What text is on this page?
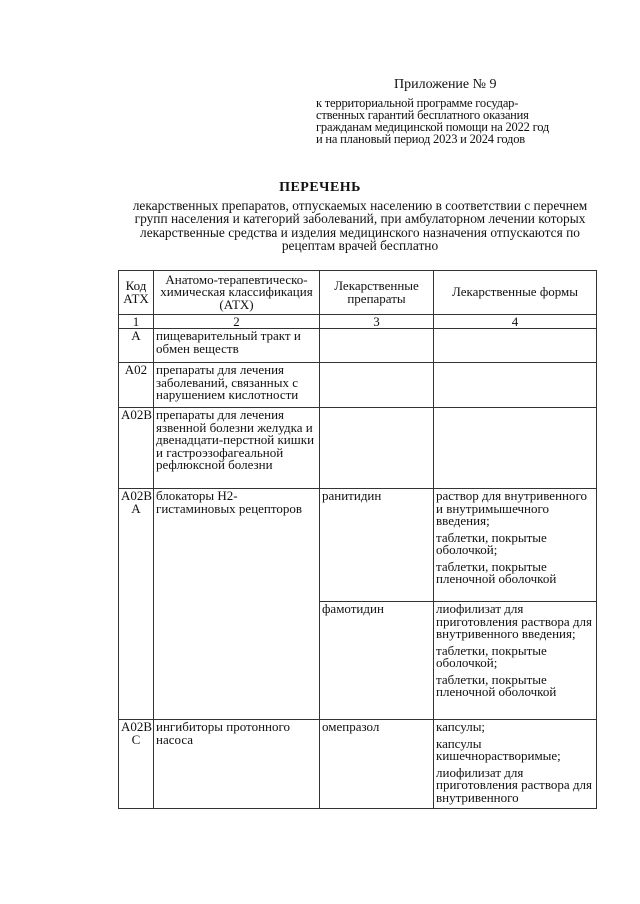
Приложение № 9
к территориальной программе государ-
ственных гарантий бесплатного оказания
гражданам медицинской помощи на 2022 год
и на плановый период 2023 и 2024 годов
ПЕРЕЧЕНЬ
лекарственных препаратов, отпускаемых населению в соответствии с перечнем групп населения и категорий заболеваний, при амбулаторном лечении которых лекарственные средства и изделия медицинского назначения отпускаются по рецептам врачей бесплатно
Код АТХ	Анатомо-терапевтическо-химическая классификация (АТХ)	Лекарственные препараты	Лекарственные формы
1	2	3	4
A	пищеварительный тракт и обмен веществ		
A02	препараты для лечения заболеваний, связанных с нарушением кислотности		
A02B	препараты для лечения язвенной болезни желудка и двенадцати-перстной кишки и гастроэзофагеальной рефлюксной болезни		
A02B A	блокаторы Н2-гистаминовых рецепторов	ранитидин	раствор для внутривенного и внутримышечного введения;
таблетки, покрытые оболочкой;
таблетки, покрытые пленочной оболочкой

		фамотидин	лиофилизат для приготовления раствора для внутривенного введения;
таблетки, покрытые оболочкой;
таблетки, покрытые пленочной оболочкой

A02B C	ингибиторы протонного насоса	омепразол	капсулы;
капсулы кишечнорастворимые;
лиофилизат для приготовления раствора для внутривенного
